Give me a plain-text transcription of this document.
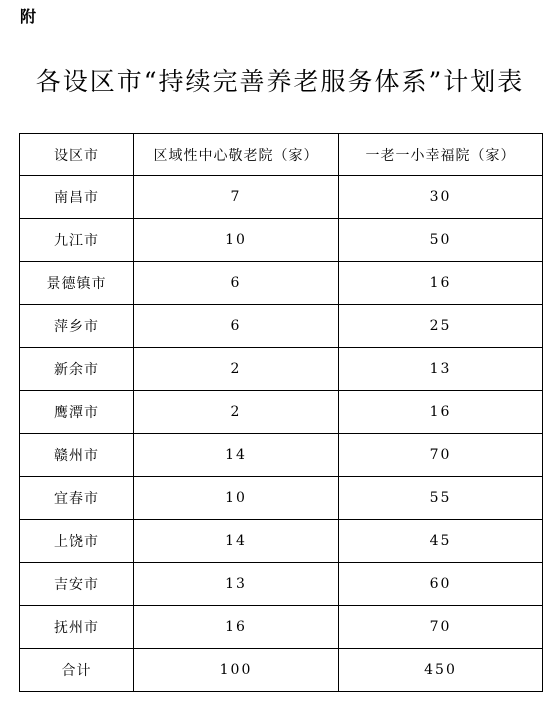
附
各设区市“持续完善养老服务体系”计划表
设区市	区域性中心敬老院（家）	一老一小幸福院（家）
南昌市	7	30
九江市	10	50
景德镇市	6	16
萍乡市	6	25
新余市	2	13
鹰潭市	2	16
赣州市	14	70
宜春市	10	55
上饶市	14	45
吉安市	13	60
抚州市	16	70
合计	100	450
